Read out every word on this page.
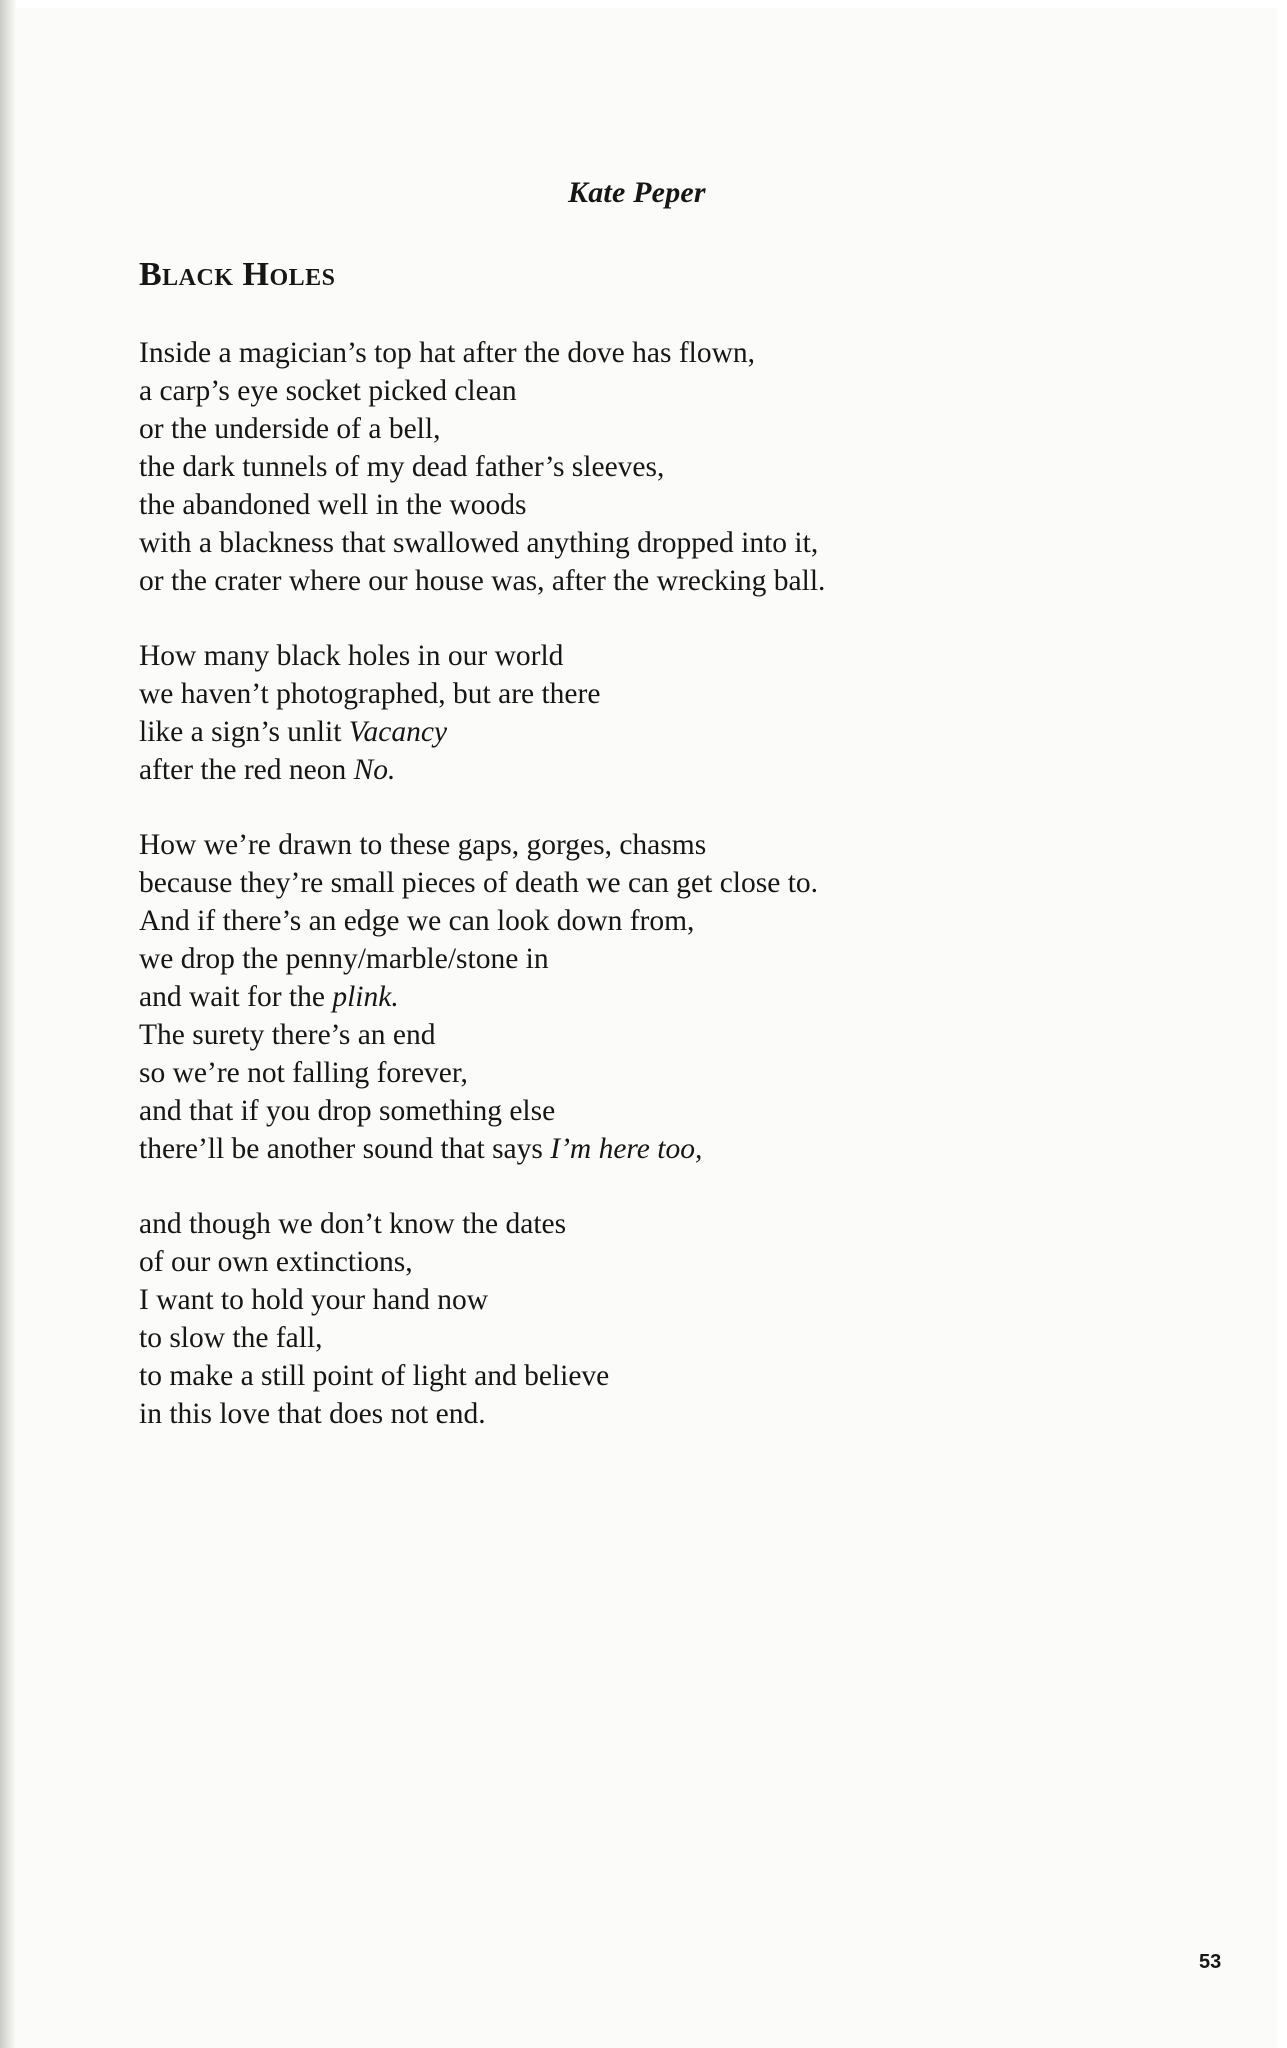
Kate Peper
Black Holes
Inside a magician’s top hat after the dove has flown,
a carp’s eye socket picked clean
or the underside of a bell,
the dark tunnels of my dead father’s sleeves,
the abandoned well in the woods
with a blackness that swallowed anything dropped into it,
or the crater where our house was, after the wrecking ball.
How many black holes in our world
we haven’t photographed, but are there
like a sign’s unlit Vacancy
after the red neon No.
How we’re drawn to these gaps, gorges, chasms
because they’re small pieces of death we can get close to.
And if there’s an edge we can look down from,
we drop the penny/marble/stone in
and wait for the plink.
The surety there’s an end
so we’re not falling forever,
and that if you drop something else
there’ll be another sound that says I’m here too,
and though we don’t know the dates
of our own extinctions,
I want to hold your hand now
to slow the fall,
to make a still point of light and believe
in this love that does not end.
53
